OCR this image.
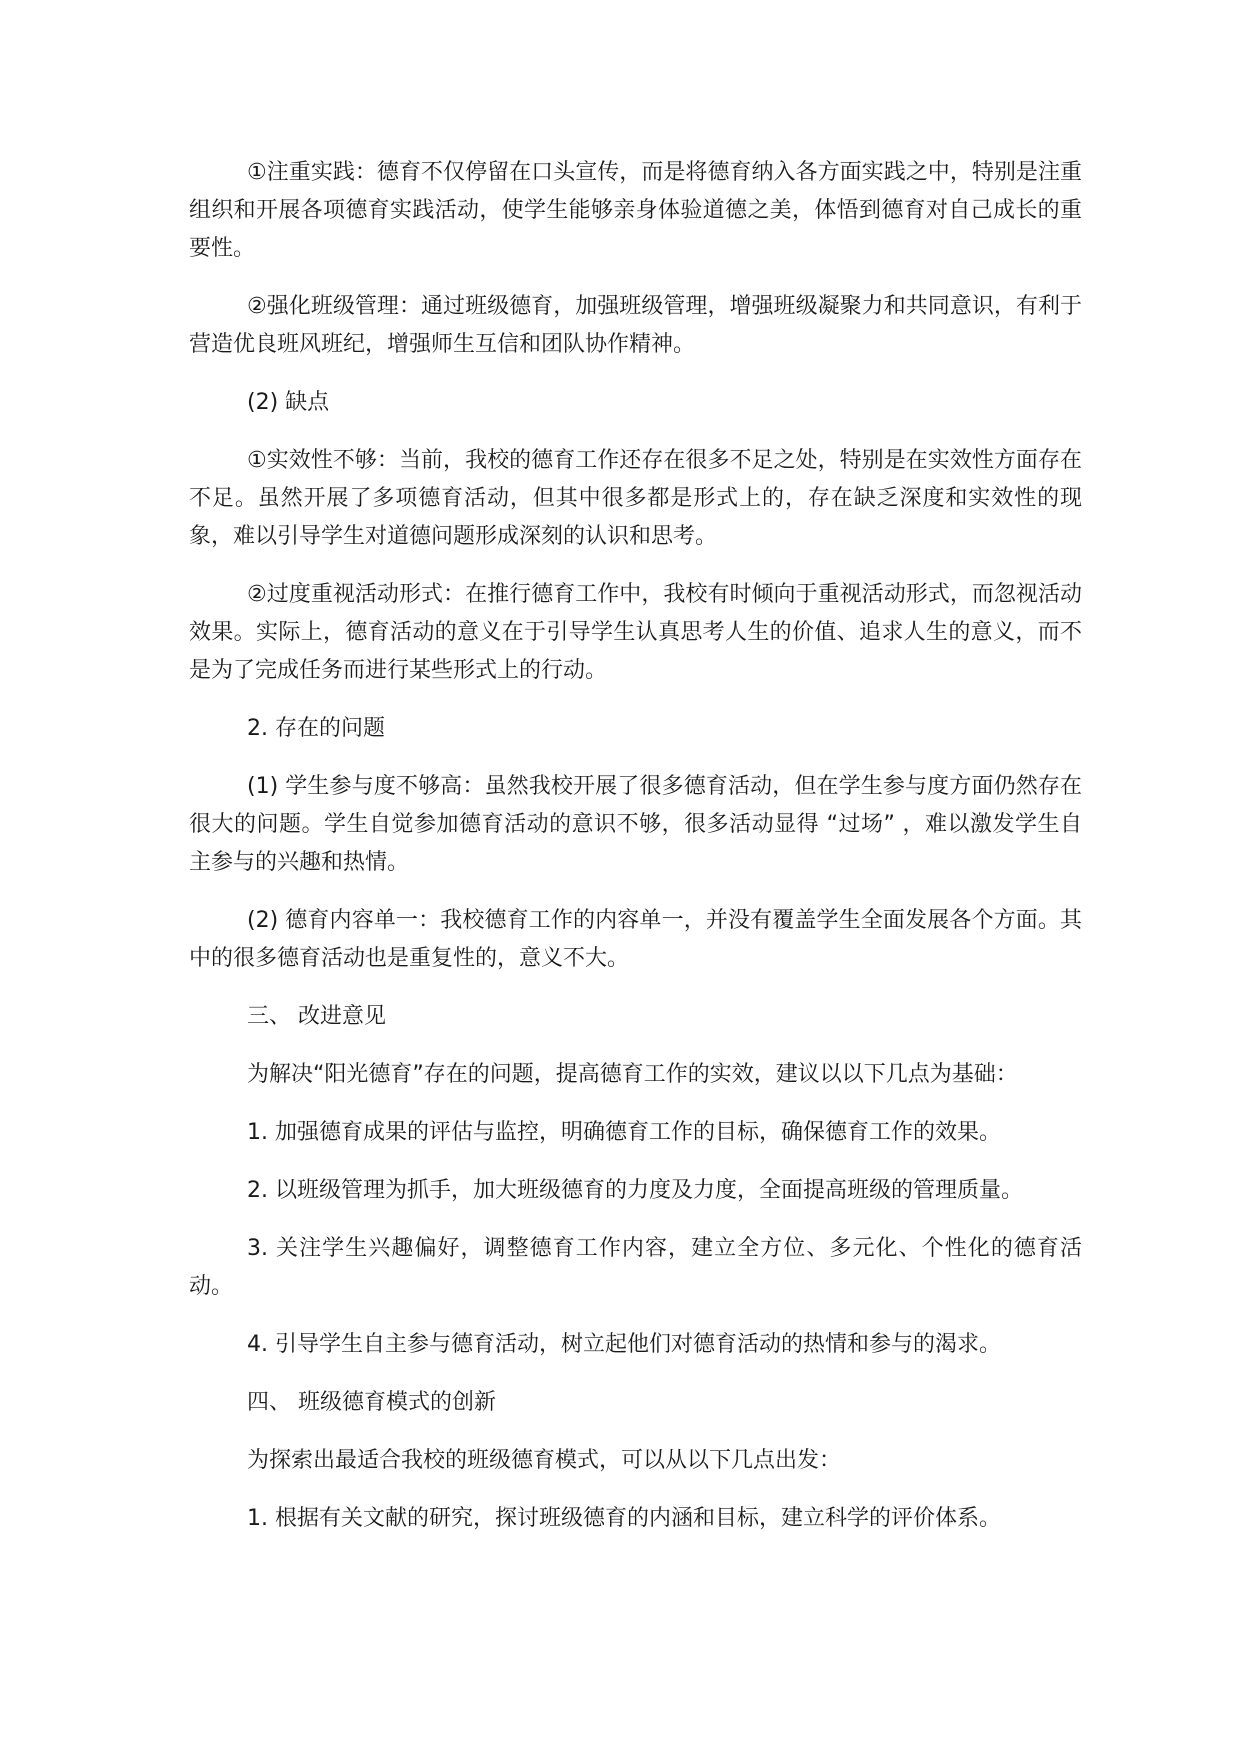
①注重实践：德育不仅停留在口头宣传，而是将德育纳入各方面实践之中，特别是注重组织和开展各项德育实践活动，使学生能够亲身体验道德之美，体悟到德育对自己成长的重要性。

②强化班级管理：通过班级德育，加强班级管理，增强班级凝聚力和共同意识，有利于营造优良班风班纪，增强师生互信和团队协作精神。

(2) 缺点

①实效性不够：当前，我校的德育工作还存在很多不足之处，特别是在实效性方面存在不足。虽然开展了多项德育活动，但其中很多都是形式上的，存在缺乏深度和实效性的现象，难以引导学生对道德问题形成深刻的认识和思考。

②过度重视活动形式：在推行德育工作中，我校有时倾向于重视活动形式，而忽视活动效果。实际上，德育活动的意义在于引导学生认真思考人生的价值、追求人生的意义，而不是为了完成任务而进行某些形式上的行动。

2. 存在的问题

(1) 学生参与度不够高：虽然我校开展了很多德育活动，但在学生参与度方面仍然存在很大的问题。学生自觉参加德育活动的意识不够，很多活动显得 “过场” ，难以激发学生自主参与的兴趣和热情。

(2) 德育内容单一：我校德育工作的内容单一，并没有覆盖学生全面发展各个方面。其中的很多德育活动也是重复性的，意义不大。

三、 改进意见

为解决“阳光德育”存在的问题，提高德育工作的实效，建议以以下几点为基础：

1. 加强德育成果的评估与监控，明确德育工作的目标，确保德育工作的效果。

2. 以班级管理为抓手，加大班级德育的力度及力度，全面提高班级的管理质量。

3. 关注学生兴趣偏好，调整德育工作内容，建立全方位、多元化、个性化的德育活动。

4. 引导学生自主参与德育活动，树立起他们对德育活动的热情和参与的渴求。

四、 班级德育模式的创新

为探索出最适合我校的班级德育模式，可以从以下几点出发：

1. 根据有关文献的研究，探讨班级德育的内涵和目标，建立科学的评价体系。
